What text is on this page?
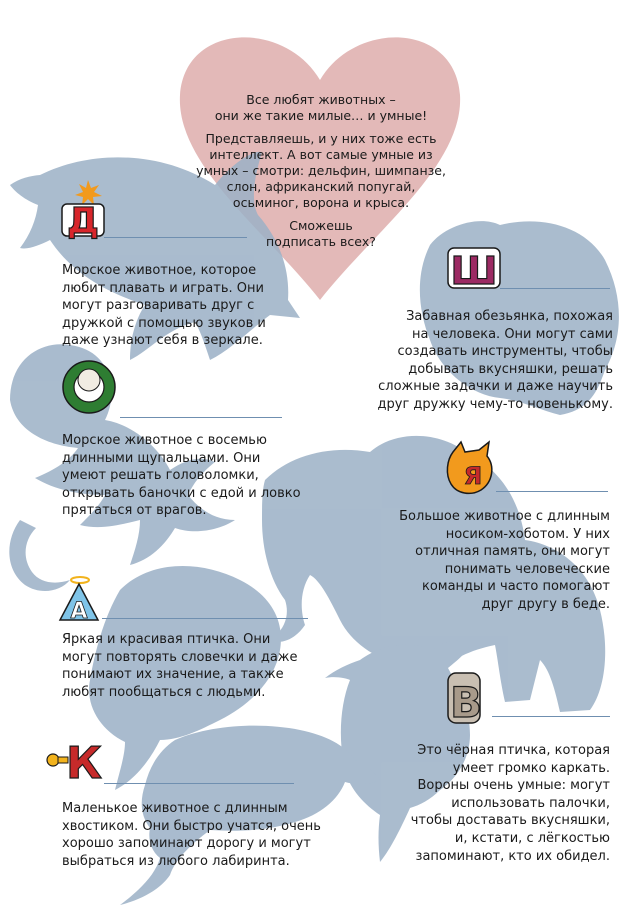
Все любят животных –
они же такие милые… и умные!

Представляешь, и у них тоже есть
интеллект. А вот самые умные из
умных – смотри: дельфин, шимпанзе,
слон, африканский попугай,
осьминог, ворона и крыса.

Сможешь
подписать всех?

Д
Ш
Я
А
В
К
Морское животное, которое
любит плавать и играть. Они
могут разговаривать друг с
дружкой с помощью звуков и
даже узнают себя в зеркале.
Забавная обезьянка, похожая
на человека. Они могут сами
создавать инструменты, чтобы
добывать вкусняшки, решать
сложные задачки и даже научить
друг дружку чему-то новенькому.
Морское животное с восемью
длинными щупальцами. Они
умеют решать головоломки,
открывать баночки с едой и ловко
прятаться от врагов.	Большое животное с длинным
носиком-хоботом. У них
отличная память, они могут
понимать человеческие
команды и часто помогают
друг другу в беде.
Яркая и красивая птичка. Они
могут повторять словечки и даже
понимают их значение, а также
любят пообщаться с людьми.
Это чёрная птичка, которая
умеет громко каркать.
Вороны очень умные: могут
использовать палочки,
чтобы доставать вкусняшки,
и, кстати, с лёгкостью
запоминают, кто их обидел.
Маленькое животное с длинным
хвостиком. Они быстро учатся, очень
хорошо запоминают дорогу и могут
выбраться из любого лабиринта.
